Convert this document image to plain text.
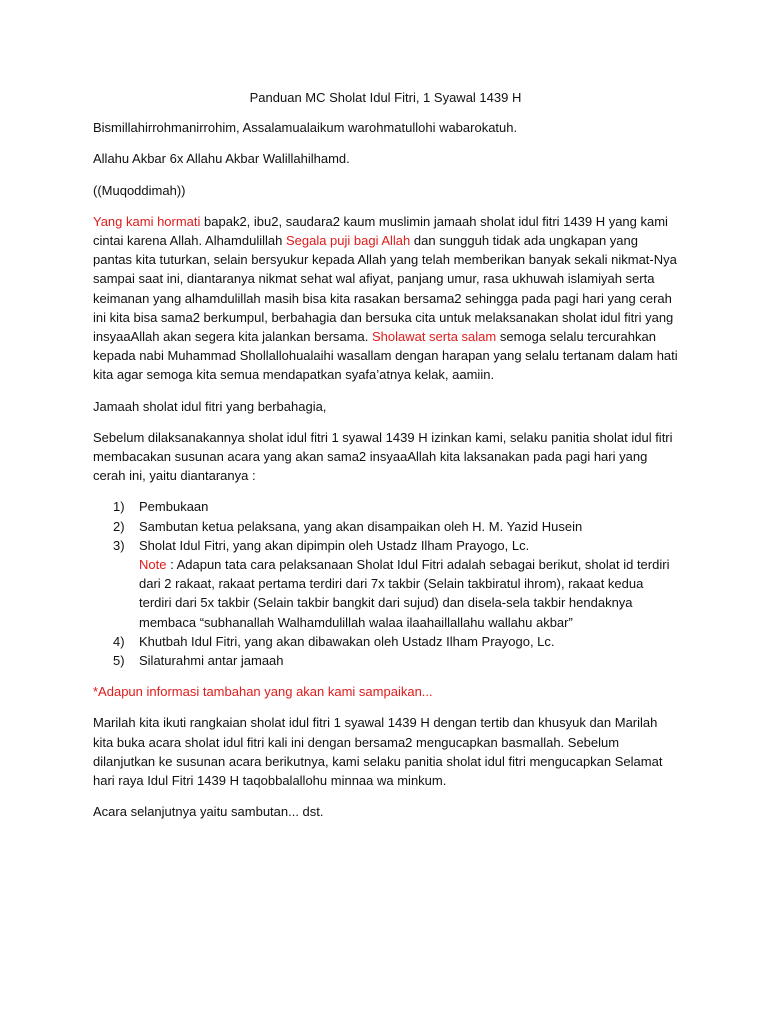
Panduan MC Sholat Idul Fitri, 1 Syawal 1439 H

Bismillahirrohmanirrohim, Assalamualaikum warohmatullohi wabarokatuh.

Allahu Akbar 6x Allahu Akbar Walillahilhamd.

((Muqoddimah))

Yang kami hormati bapak2, ibu2, saudara2 kaum muslimin jamaah sholat idul fitri 1439 H yang kami cintai karena Allah. Alhamdulillah Segala puji bagi Allah dan sungguh tidak ada ungkapan yang pantas kita tuturkan, selain bersyukur kepada Allah yang telah memberikan banyak sekali nikmat-Nya sampai saat ini, diantaranya nikmat sehat wal afiyat, panjang umur, rasa ukhuwah islamiyah serta keimanan yang alhamdulillah masih bisa kita rasakan bersama2 sehingga pada pagi hari yang cerah ini kita bisa sama2 berkumpul, berbahagia dan bersuka cita untuk melaksanakan sholat idul fitri yang insyaaAllah akan segera kita jalankan bersama. Sholawat serta salam semoga selalu tercurahkan kepada nabi Muhammad Shollallohualaihi wasallam dengan harapan yang selalu tertanam dalam hati kita agar semoga kita semua mendapatkan syafa’atnya kelak, aamiin.

Jamaah sholat idul fitri yang berbahagia,

Sebelum dilaksanakannya sholat idul fitri 1 syawal 1439 H izinkan kami, selaku panitia sholat idul fitri membacakan susunan acara yang akan sama2 insyaaAllah kita laksanakan pada pagi hari yang cerah ini, yaitu diantaranya :

1) Pembukaan
2) Sambutan ketua pelaksana, yang akan disampaikan oleh H. M. Yazid Husein
3) Sholat Idul Fitri, yang akan dipimpin oleh Ustadz Ilham Prayogo, Lc.
Note : Adapun tata cara pelaksanaan Sholat Idul Fitri adalah sebagai berikut, sholat id terdiri dari 2 rakaat, rakaat pertama terdiri dari 7x takbir (Selain takbiratul ihrom), rakaat kedua terdiri dari 5x takbir (Selain takbir bangkit dari sujud) dan disela-sela takbir hendaknya membaca “subhanallah Walhamdulillah walaa ilaahaillallahu wallahu akbar”
4) Khutbah Idul Fitri, yang akan dibawakan oleh Ustadz Ilham Prayogo, Lc.
5) Silaturahmi antar jamaah

*Adapun informasi tambahan yang akan kami sampaikan...

Marilah kita ikuti rangkaian sholat idul fitri 1 syawal 1439 H dengan tertib dan khusyuk dan Marilah kita buka acara sholat idul fitri kali ini dengan bersama2 mengucapkan basmallah. Sebelum dilanjutkan ke susunan acara berikutnya, kami selaku panitia sholat idul fitri mengucapkan Selamat hari raya Idul Fitri 1439 H taqobbalallohu minnaa wa minkum.

Acara selanjutnya yaitu sambutan... dst.
